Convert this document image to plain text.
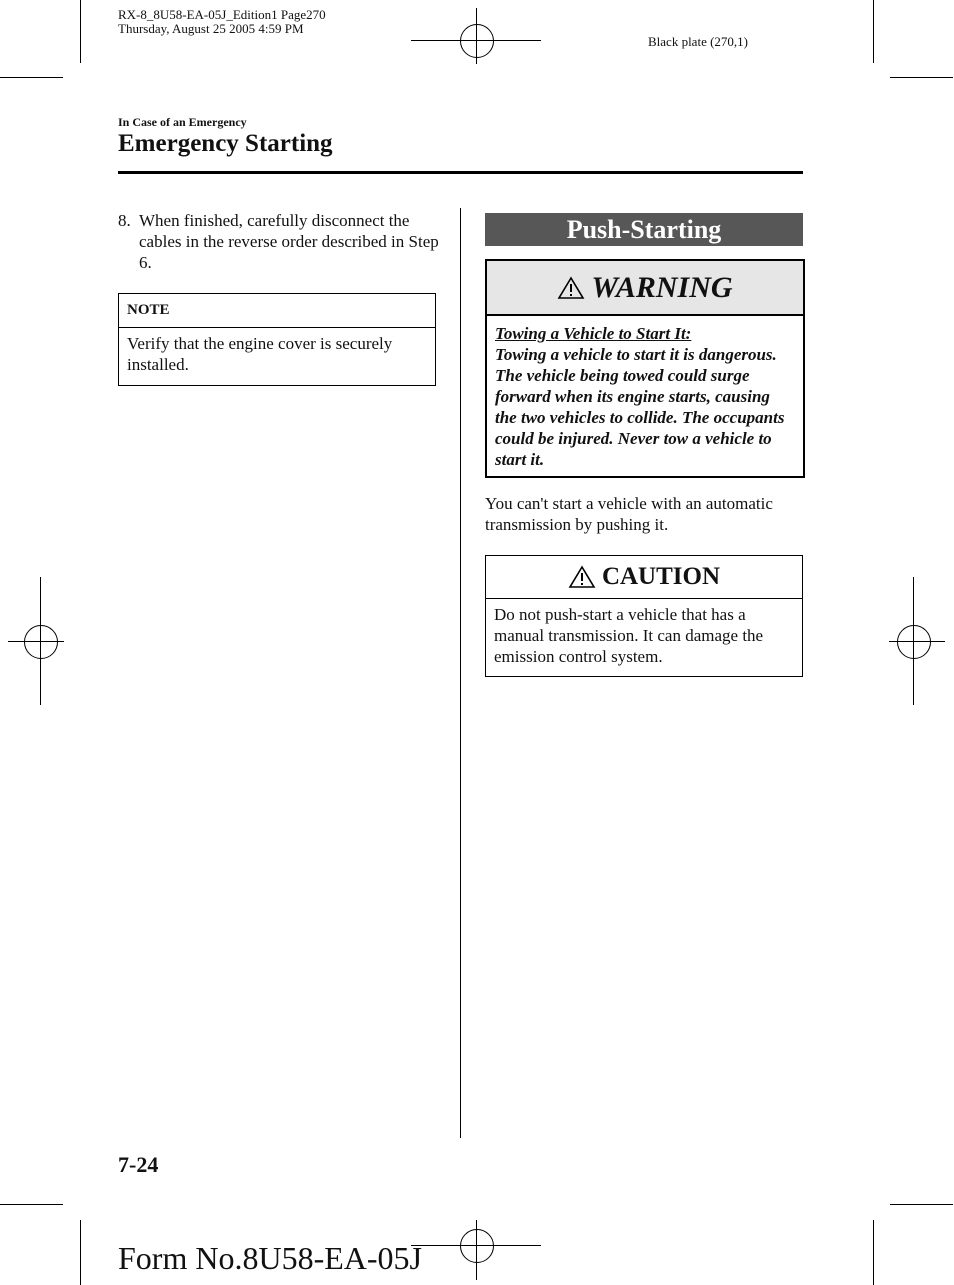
RX-8_8U58-EA-05J_Edition1 Page270
Thursday, August 25 2005 4:59 PM
Black plate (270,1)
In Case of an Emergency
Emergency Starting
8. When finished, carefully disconnect the cables in the reverse order described in Step 6.
NOTE
Verify that the engine cover is securely installed.
Push-Starting
WARNING
Towing a Vehicle to Start It:
Towing a vehicle to start it is dangerous. The vehicle being towed could surge forward when its engine starts, causing the two vehicles to collide. The occupants could be injured. Never tow a vehicle to start it.
You can't start a vehicle with an automatic transmission by pushing it.
CAUTION
Do not push-start a vehicle that has a manual transmission. It can damage the emission control system.
7-24
Form No.8U58-EA-05J
